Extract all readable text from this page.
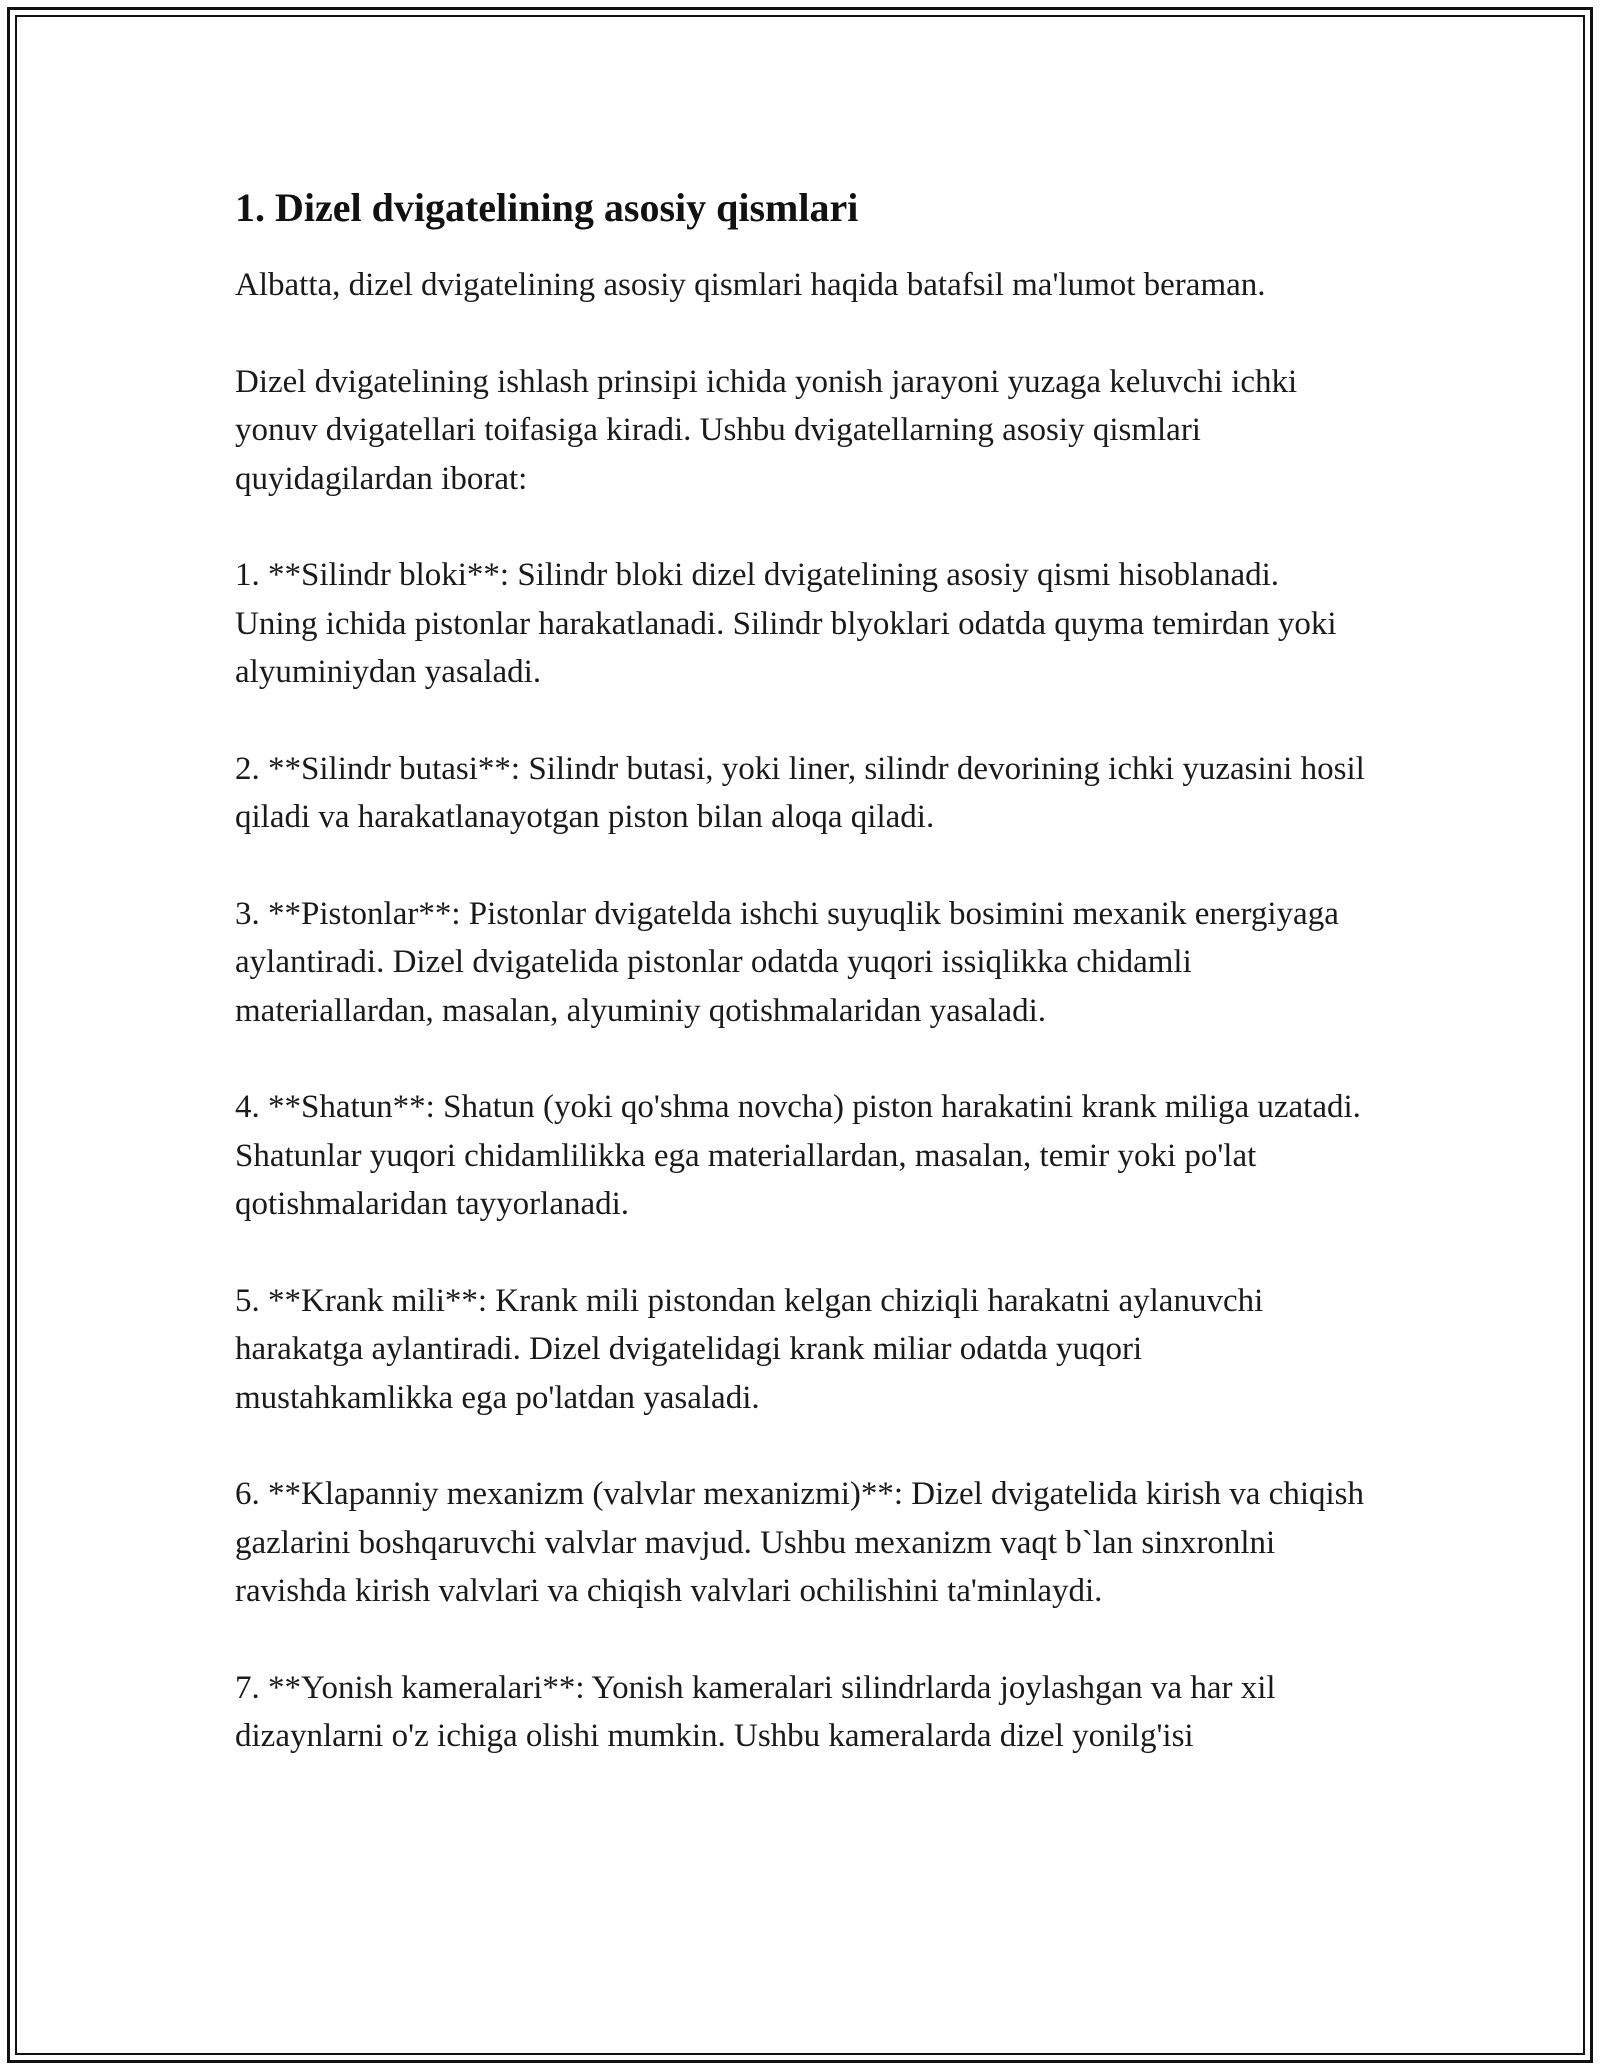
1. Dizel dvigatelining asosiy qismlari

Albatta, dizel dvigatelining asosiy qismlari haqida batafsil ma'lumot beraman.

Dizel dvigatelining ishlash prinsipi ichida yonish jarayoni yuzaga keluvchi ichki yonuv dvigatellari toifasiga kiradi. Ushbu dvigatellarning asosiy qismlari quyidagilardan iborat:

1. **Silindr bloki**: Silindr bloki dizel dvigatelining asosiy qismi hisoblanadi. Uning ichida pistonlar harakatlanadi. Silindr blyoklari odatda quyma temirdan yoki alyuminiydan yasaladi.

2. **Silindr butasi**: Silindr butasi, yoki liner, silindr devorining ichki yuzasini hosil qiladi va harakatlanayotgan piston bilan aloqa qiladi.

3. **Pistonlar**: Pistonlar dvigatelda ishchi suyuqlik bosimini mexanik energiyaga aylantiradi. Dizel dvigatelida pistonlar odatda yuqori issiqlikka chidamli materiallardan, masalan, alyuminiy qotishmalaridan yasaladi.

4. **Shatun**: Shatun (yoki qo'shma novcha) piston harakatini krank miliga uzatadi. Shatunlar yuqori chidamlilikka ega materiallardan, masalan, temir yoki po'lat qotishmalaridan tayyorlanadi.

5. **Krank mili**: Krank mili pistondan kelgan chiziqli harakatni aylanuvchi harakatga aylantiradi. Dizel dvigatelidagi krank miliar odatda yuqori mustahkamlikka ega po'latdan yasaladi.

6. **Klapanniy mexanizm (valvlar mexanizmi)**: Dizel dvigatelida kirish va chiqish gazlarini boshqaruvchi valvlar mavjud. Ushbu mexanizm vaqt b`lan sinxronlni ravishda kirish valvlari va chiqish valvlari ochilishini ta'minlaydi.

7. **Yonish kameralari**: Yonish kameralari silindrlarda joylashgan va har xil dizaynlarni o'z ichiga olishi mumkin. Ushbu kameralarda dizel yonilg'isi
